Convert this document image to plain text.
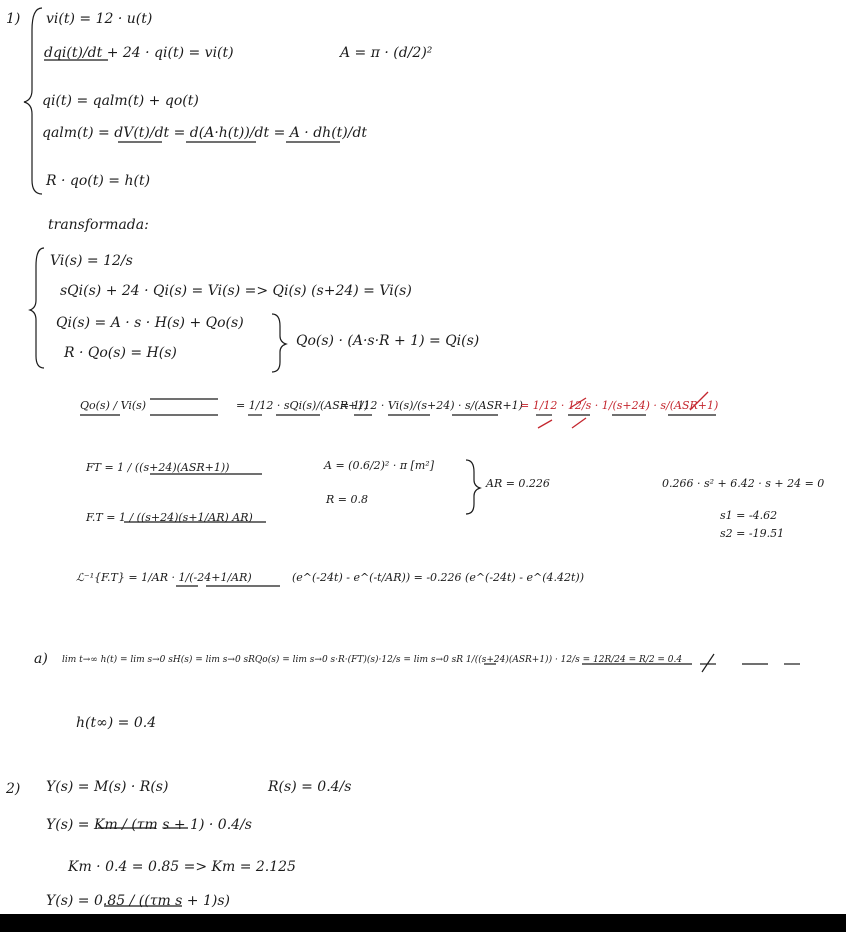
1) vi(t) = 12 · u(t)
dqi(t)/dt + 24 · qi(t) = vi(t)	A = π · (d/2)²
qi(t) = qalm(t) + qo(t)
qalm(t) = dV(t)/dt = d(A·h(t))/dt = A · dh(t)/dt
R · qo(t) = h(t)
transformada:
Vi(s) = 12/s
sQi(s) + 24 · Qi(s) = Vi(s) => Qi(s) (s+24) = Vi(s)
Qi(s) = A · s · H(s) + Qo(s)
R · Qo(s) = H(s)
Qo(s) · (A·s·R + 1) = Qi(s)
Qo(s) / Vi(s)	= 1/12 · sQi(s)/(ASR+1)
= 1/12 · Vi(s)/(s+24) · s/(ASR+1)
= 1/12 · 12/s · 1/(s+24) · s/(ASR+1)
FT = 1 / ((s+24)(ASR+1))
F.T = 1 / ((s+24)(s+1/AR) AR)
A = (0.6/2)² · π [m²]
R = 0.8
AR = 0.226	0.266 · s² + 6.42 · s + 24 = 0
s1 = -4.62
s2 = -19.51
ℒ⁻¹{F.T} = 1/AR · 1/(-24+1/AR)	(e^(-24t) - e^(-t/AR)) = -0.226 (e^(-24t) - e^(4.42t))
a) lim t→∞ h(t) = lim s→0 sH(s) = lim s→0 sRQo(s) = lim s→0 s·R·(FT)(s)·12/s = lim s→0 sR 1/((s+24)(ASR+1)) · 12/s = 12R/24 = R/2 = 0.4
h(t∞) = 0.4
2) Y(s) = M(s) · R(s)	R(s) = 0.4/s
Y(s) = Km / (τm s + 1) · 0.4/s
Km · 0.4 = 0.85 => Km = 2.125
Y(s) = 0.85 / ((τm s + 1)s)
